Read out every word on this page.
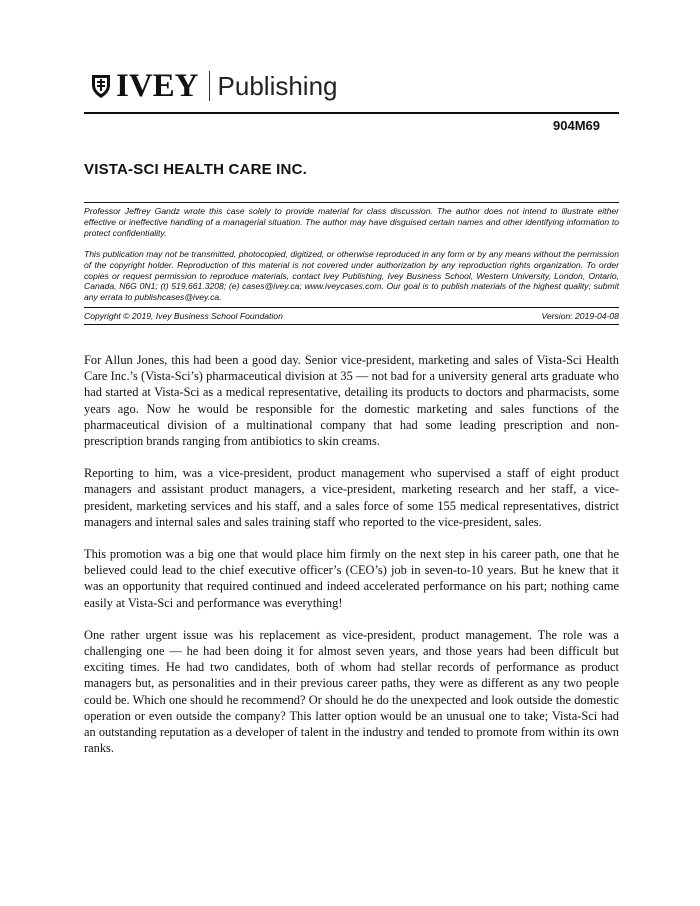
IVEY Publishing
904M69
VISTA-SCI HEALTH CARE INC.

Professor Jeffrey Gandz wrote this case solely to provide material for class discussion. The author does not intend to illustrate either effective or ineffective handling of a managerial situation. The author may have disguised certain names and other identifying information to protect confidentiality.

This publication may not be transmitted, photocopied, digitized, or otherwise reproduced in any form or by any means without the permission of the copyright holder. Reproduction of this material is not covered under authorization by any reproduction rights organization. To order copies or request permission to reproduce materials, contact Ivey Publishing, Ivey Business School, Western University, London, Ontario, Canada, N6G 0N1; (t) 519.661.3208; (e) cases@ivey.ca; www.iveycases.com. Our goal is to publish materials of the highest quality; submit any errata to publishcases@ivey.ca.

Copyright © 2019, Ivey Business School Foundation	Version: 2019-04-08

For Allun Jones, this had been a good day. Senior vice-president, marketing and sales of Vista-Sci Health Care Inc.’s (Vista-Sci’s) pharmaceutical division at 35 — not bad for a university general arts graduate who had started at Vista-Sci as a medical representative, detailing its products to doctors and pharmacists, some years ago. Now he would be responsible for the domestic marketing and sales functions of the pharmaceutical division of a multinational company that had some leading prescription and non-prescription brands ranging from antibiotics to skin creams.

Reporting to him, was a vice-president, product management who supervised a staff of eight product managers and assistant product managers, a vice-president, marketing research and her staff, a vice-president, marketing services and his staff, and a sales force of some 155 medical representatives, district managers and internal sales and sales training staff who reported to the vice-president, sales.

This promotion was a big one that would place him firmly on the next step in his career path, one that he believed could lead to the chief executive officer’s (CEO’s) job in seven-to-10 years. But he knew that it was an opportunity that required continued and indeed accelerated performance on his part; nothing came easily at Vista-Sci and performance was everything!

One rather urgent issue was his replacement as vice-president, product management. The role was a challenging one — he had been doing it for almost seven years, and those years had been difficult but exciting times. He had two candidates, both of whom had stellar records of performance as product managers but, as personalities and in their previous career paths, they were as different as any two people could be. Which one should he recommend? Or should he do the unexpected and look outside the domestic operation or even outside the company? This latter option would be an unusual one to take; Vista-Sci had an outstanding reputation as a developer of talent in the industry and tended to promote from within its own ranks.
